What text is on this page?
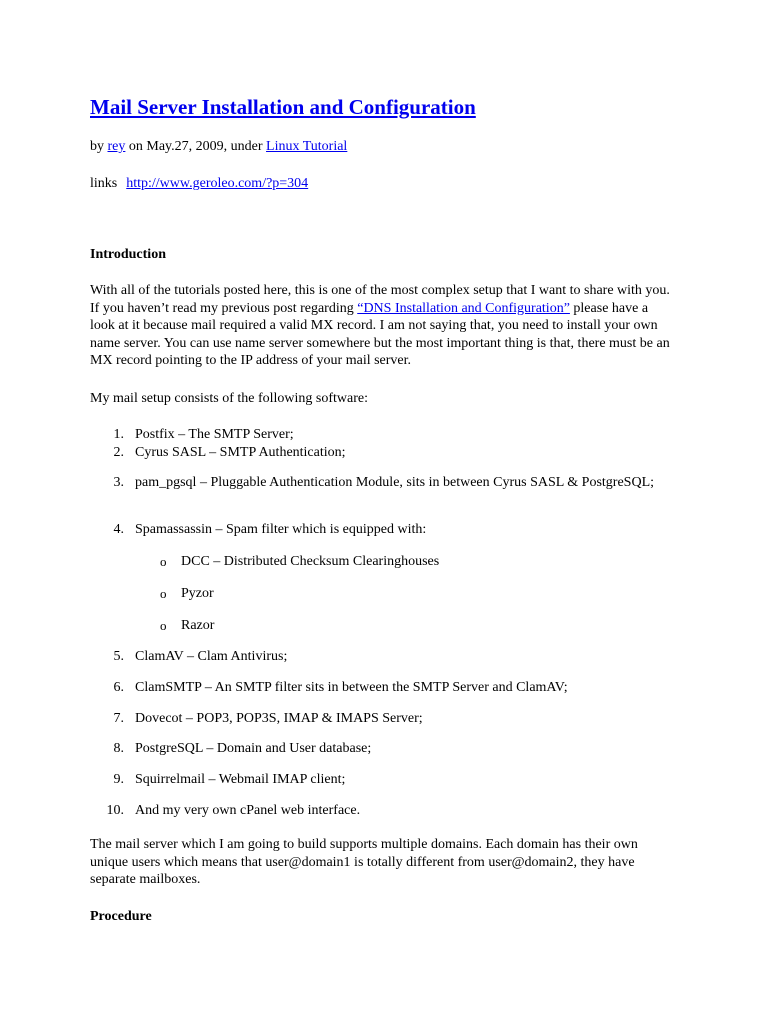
Mail Server Installation and Configuration
by rey on May.27, 2009, under Linux Tutorial
links http://www.geroleo.com/?p=304
Introduction

With all of the tutorials posted here, this is one of the most complex setup that I want to share with you. If you haven’t read my previous post regarding “DNS Installation and Configuration” please have a look at it because mail required a valid MX record. I am not saying that, you need to install your own name server. You can use name server somewhere but the most important thing is that, there must be an MX record pointing to the IP address of your mail server.

My mail setup consists of the following software:

1. Postfix – The SMTP Server;
2. Cyrus SASL – SMTP Authentication;
3. pam_pgsql – Pluggable Authentication Module, sits in between Cyrus SASL & PostgreSQL;
4. Spamassassin – Spam filter which is equipped with:
o DCC – Distributed Checksum Clearinghouses
o Pyzor
o Razor
5. ClamAV – Clam Antivirus;
6. ClamSMTP – An SMTP filter sits in between the SMTP Server and ClamAV;
7. Dovecot – POP3, POP3S, IMAP & IMAPS Server;
8. PostgreSQL – Domain and User database;
9. Squirrelmail – Webmail IMAP client;
10. And my very own cPanel web interface.

The mail server which I am going to build supports multiple domains. Each domain has their own unique users which means that user@domain1 is totally different from user@domain2, they have separate mailboxes.

Procedure
